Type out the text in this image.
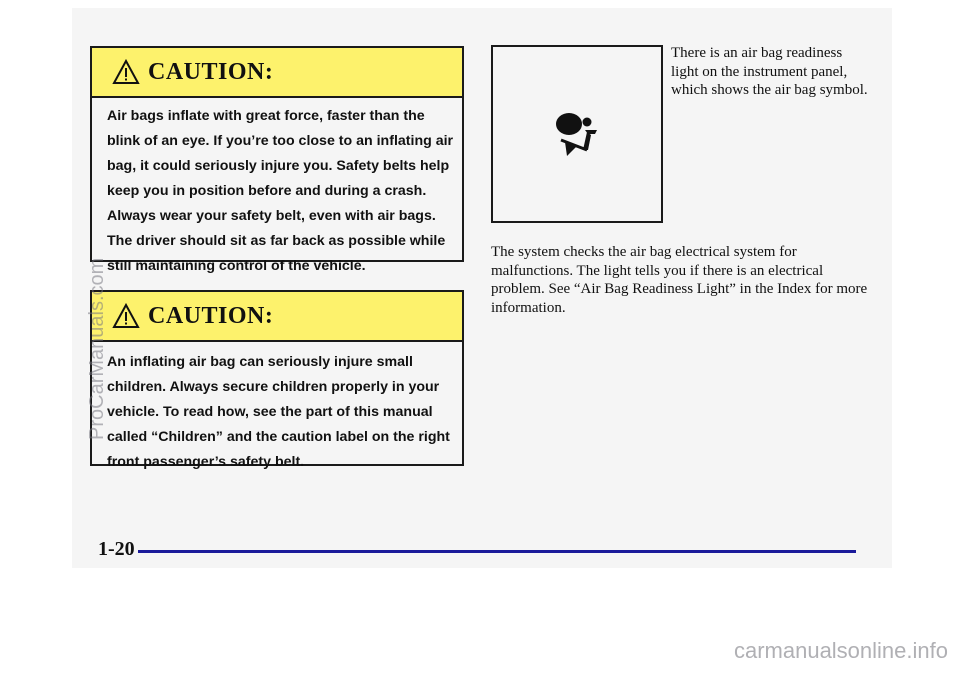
CAUTION:
Air bags inflate with great force, faster than the blink of an eye. If you’re too close to an inflating air bag, it could seriously injure you. Safety belts help keep you in position before and during a crash. Always wear your safety belt, even with air bags. The driver should sit as far back as possible while still maintaining control of the vehicle.
CAUTION:
An inflating air bag can seriously injure small children. Always secure children properly in your vehicle. To read how, see the part of this manual called “Children” and the caution label on the right front passenger’s safety belt.
There is an air bag readiness light on the instrument panel, which shows the air bag symbol.
The system checks the air bag electrical system for malfunctions. The light tells you if there is an electrical problem. See “Air Bag Readiness Light” in the Index for more information.
1-20
ProCarManuals.com
carmanualsonline.info
